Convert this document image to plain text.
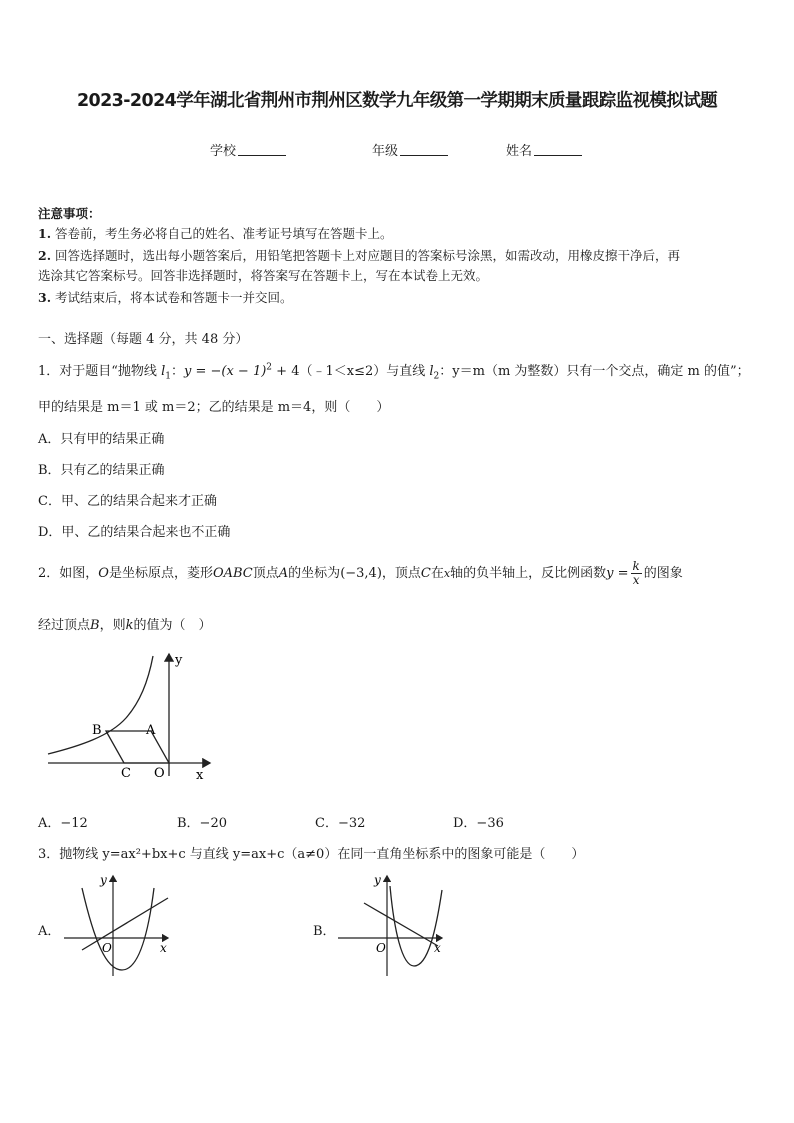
2023-2024学年湖北省荆州市荆州区数学九年级第一学期期末质量跟踪监视模拟试题
学校	年级	姓名
注意事项：
1. 答卷前，考生务必将自己的姓名、准考证号填写在答题卡上。
2. 回答选择题时，选出每小题答案后，用铅笔把答题卡上对应题目的答案标号涂黑，如需改动，用橡皮擦干净后，再
选涂其它答案标号。回答非选择题时，将答案写在答题卡上，写在本试卷上无效。
3. 考试结束后，将本试卷和答题卡一并交回。
一、选择题（每题 4 分，共 48 分）
1．对于题目“抛物线 $l_1$：$y = -(x - 1)^2$ + 4（﹣1＜x≤2）与直线 $l_2$：y＝m（m 为整数）只有一个交点，确定 m 的值”；
甲的结果是 m＝1 或 m＝2；乙的结果是 m＝4，则（　　）
A．只有甲的结果正确
B．只有乙的结果正确
C．甲、乙的结果合起来才正确
D．甲、乙的结果合起来也不正确
2．如图，O是坐标原点，菱形OABC顶点A的坐标为(−3,4)，顶点C在x轴的负半轴上，反比例函数$y = \frac{k}{x}$ 的图象
经过顶点B，则k的值为（　）
y
x
B	A
C O
A．−12	B．−20	C．−32	D．−36
3．抛物线 y=ax²+bx+c 与直线 y=ax+c（a≠0）在同一直角坐标系中的图象可能是（　　）
A．
y
x
O
B．
y
x
O
